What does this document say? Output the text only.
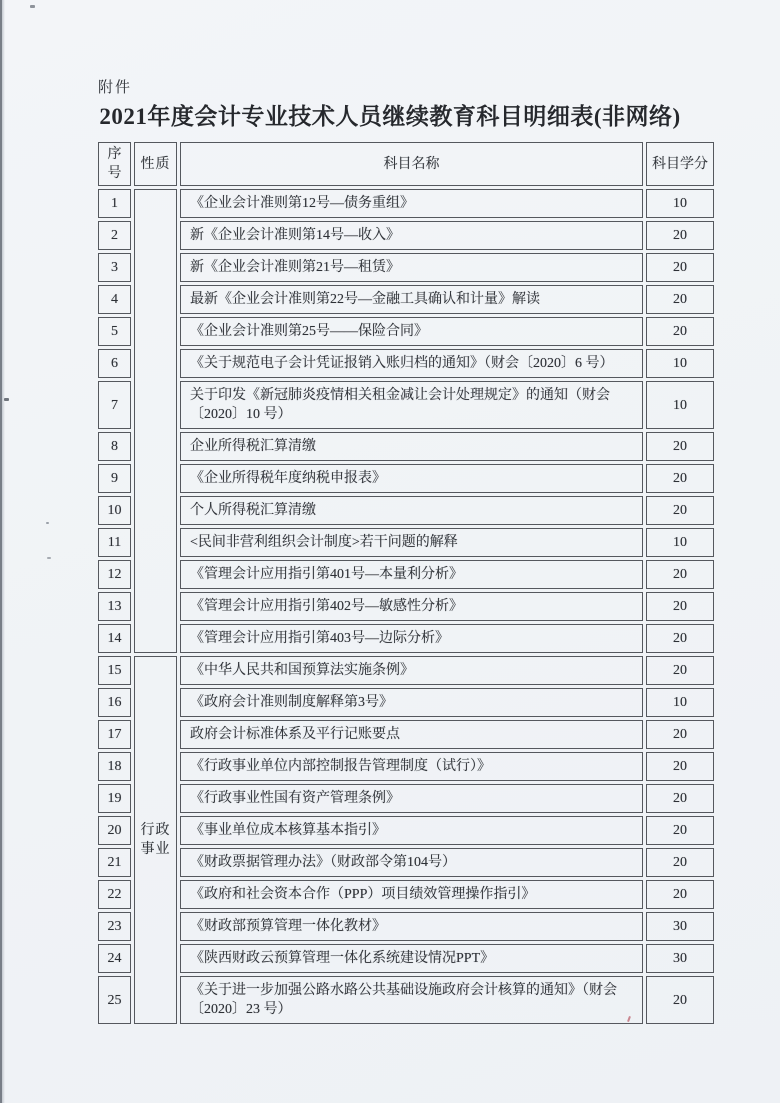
附件
2021年度会计专业技术人员继续教育科目明细表(非网络)
序号	性质	科目名称	科目学分
1		《企业会计准则第12号—债务重组》	10
2		新《企业会计准则第14号—收入》	20
3		新《企业会计准则第21号—租赁》	20
4		最新《企业会计准则第22号—金融工具确认和计量》解读	20
5		《企业会计准则第25号——保险合同》	20
6		《关于规范电子会计凭证报销入账归档的通知》（财会〔2020〕6 号）	10
7		关于印发《新冠肺炎疫情相关租金减让会计处理规定》的通知（财会〔2020〕10 号）	10
8		企业所得税汇算清缴	20
9		《企业所得税年度纳税申报表》	20
10		个人所得税汇算清缴	20
11		<民间非营利组织会计制度>若干问题的解释	10
12		《管理会计应用指引第401号—本量利分析》	20
13		《管理会计应用指引第402号—敏感性分析》	20
14		《管理会计应用指引第403号—边际分析》	20
15	行政事业	《中华人民共和国预算法实施条例》	20
16		《政府会计准则制度解释第3号》	10
17		政府会计标准体系及平行记账要点	20
18		《行政事业单位内部控制报告管理制度（试行）》	20
19		《行政事业性国有资产管理条例》	20
20		《事业单位成本核算基本指引》	20
21		《财政票据管理办法》（财政部令第104号）	20
22		《政府和社会资本合作（PPP）项目绩效管理操作指引》	20
23		《财政部预算管理一体化教材》	30
24		《陕西财政云预算管理一体化系统建设情况PPT》	30
25		《关于进一步加强公路水路公共基础设施政府会计核算的通知》（财会〔2020〕23 号）	20
